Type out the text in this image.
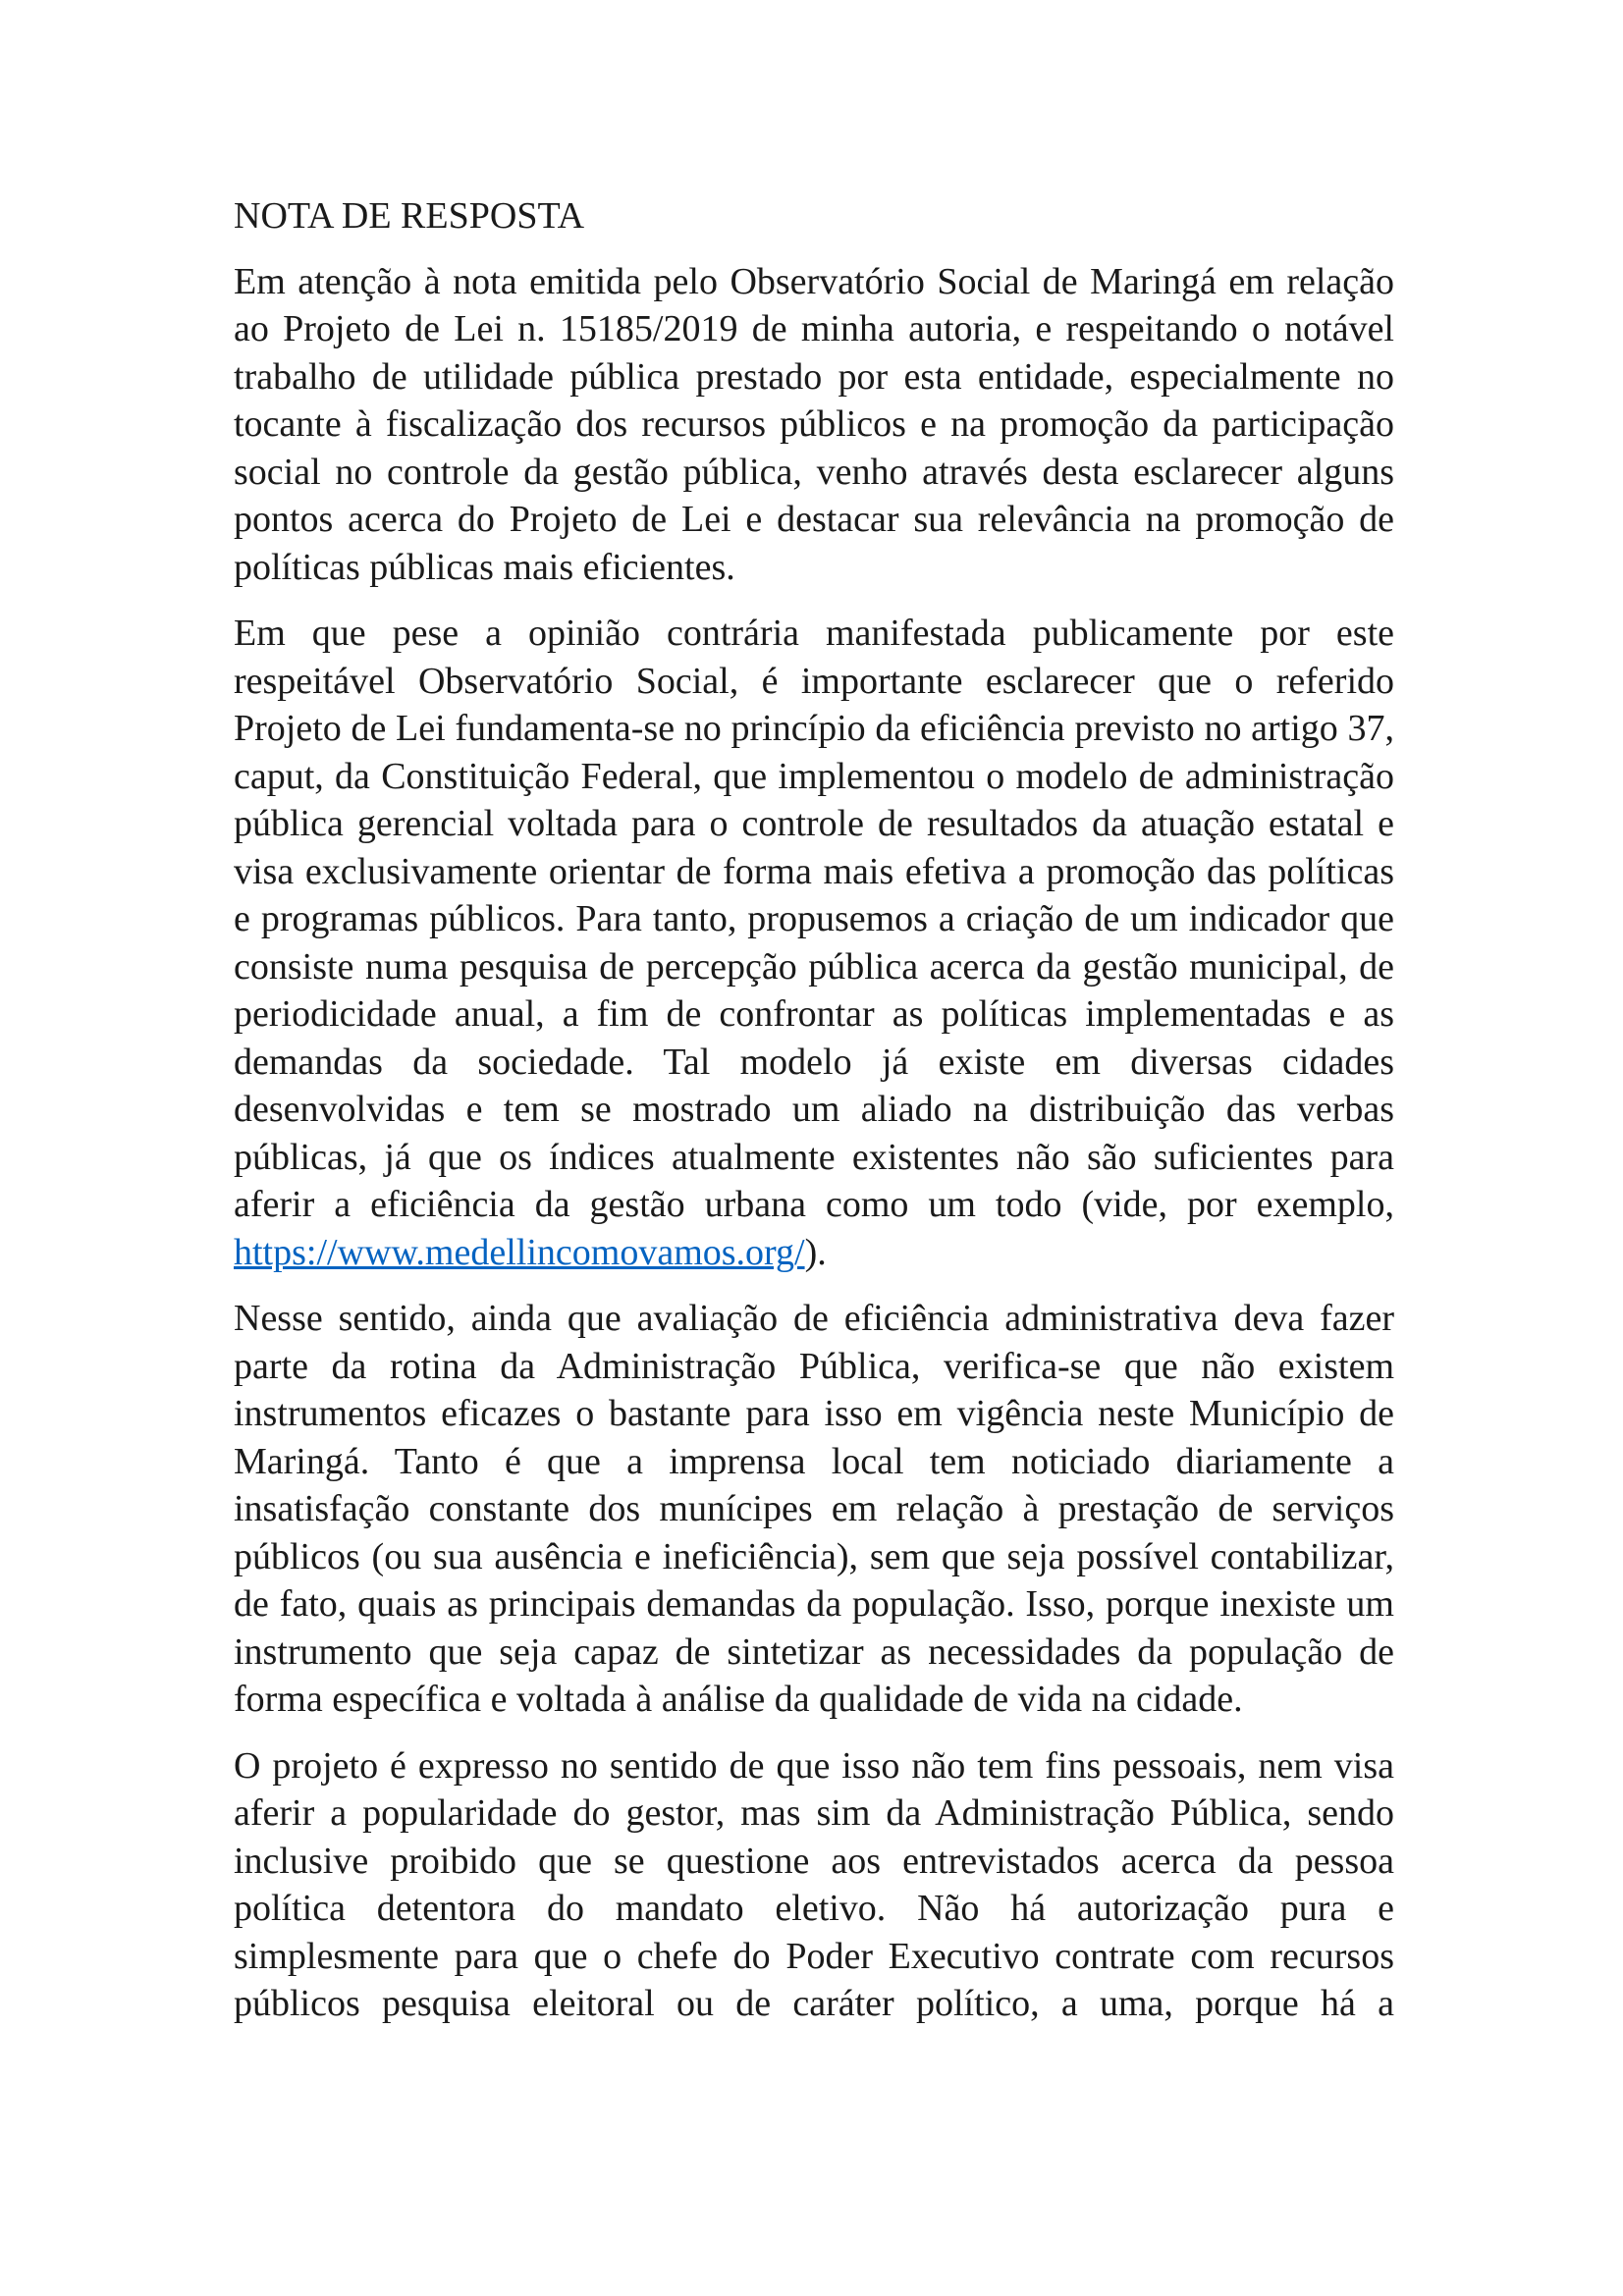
NOTA DE RESPOSTA

Em atenção à nota emitida pelo Observatório Social de Maringá em relação ao Projeto de Lei n. 15185/2019 de minha autoria, e respeitando o notável trabalho de utilidade pública prestado por esta entidade, especialmente no tocante à fiscalização dos recursos públicos e na promoção da participação social no controle da gestão pública, venho através desta esclarecer alguns pontos acerca do Projeto de Lei e destacar sua relevância na promoção de políticas públicas mais eficientes.

Em que pese a opinião contrária manifestada publicamente por este respeitável Observatório Social, é importante esclarecer que o referido Projeto de Lei fundamenta-se no princípio da eficiência previsto no artigo 37, caput, da Constituição Federal, que implementou o modelo de administração pública gerencial voltada para o controle de resultados da atuação estatal e visa exclusivamente orientar de forma mais efetiva a promoção das políticas e programas públicos. Para tanto, propusemos a criação de um indicador que consiste numa pesquisa de percepção pública acerca da gestão municipal, de periodicidade anual, a fim de confrontar as políticas implementadas e as demandas da sociedade. Tal modelo já existe em diversas cidades desenvolvidas e tem se mostrado um aliado na distribuição das verbas públicas, já que os índices atualmente existentes não são suficientes para aferir a eficiência da gestão urbana como um todo (vide, por exemplo, https://www.medellincomovamos.org/).

Nesse sentido, ainda que avaliação de eficiência administrativa deva fazer parte da rotina da Administração Pública, verifica-se que não existem instrumentos eficazes o bastante para isso em vigência neste Município de Maringá. Tanto é que a imprensa local tem noticiado diariamente a insatisfação constante dos munícipes em relação à prestação de serviços públicos (ou sua ausência e ineficiência), sem que seja possível contabilizar, de fato, quais as principais demandas da população. Isso, porque inexiste um instrumento que seja capaz de sintetizar as necessidades da população de forma específica e voltada à análise da qualidade de vida na cidade.

O projeto é expresso no sentido de que isso não tem fins pessoais, nem visa aferir a popularidade do gestor, mas sim da Administração Pública, sendo inclusive proibido que se questione aos entrevistados acerca da pessoa política detentora do mandato eletivo. Não há autorização pura e simplesmente para que o chefe do Poder Executivo contrate com recursos públicos pesquisa eleitoral ou de caráter político, a uma, porque há a
